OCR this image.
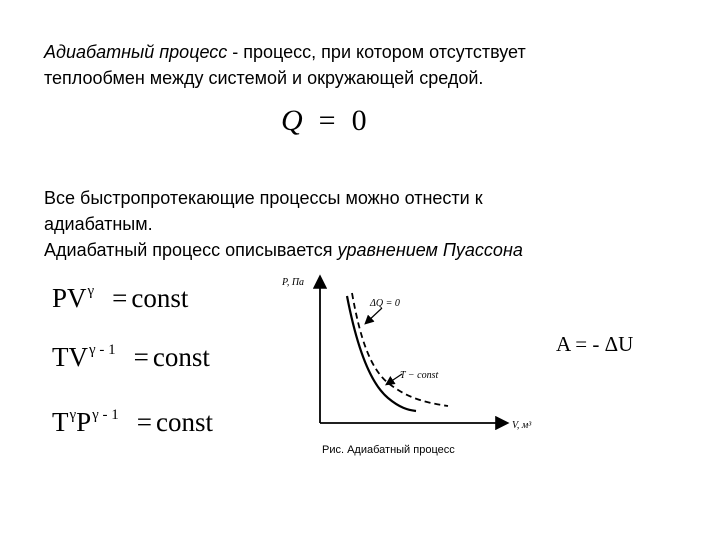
Адиабатный процесс - процесс, при котором отсутствует
теплообмен между системой и окружающей средой.
Q = 0
Все быстропротекающие процессы можно отнести к
адиабатным.
Адиабатный процесс описывается уравнением Пуассона
$PV^\gamma$ = const
$TV^{\gamma - 1}$ = const
$T^\gamma P^{\gamma - 1}$ = const
A = - ΔU
P, Па
V, м³
ΔQ = 0
T − const
Рис. Адиабатный процесс
